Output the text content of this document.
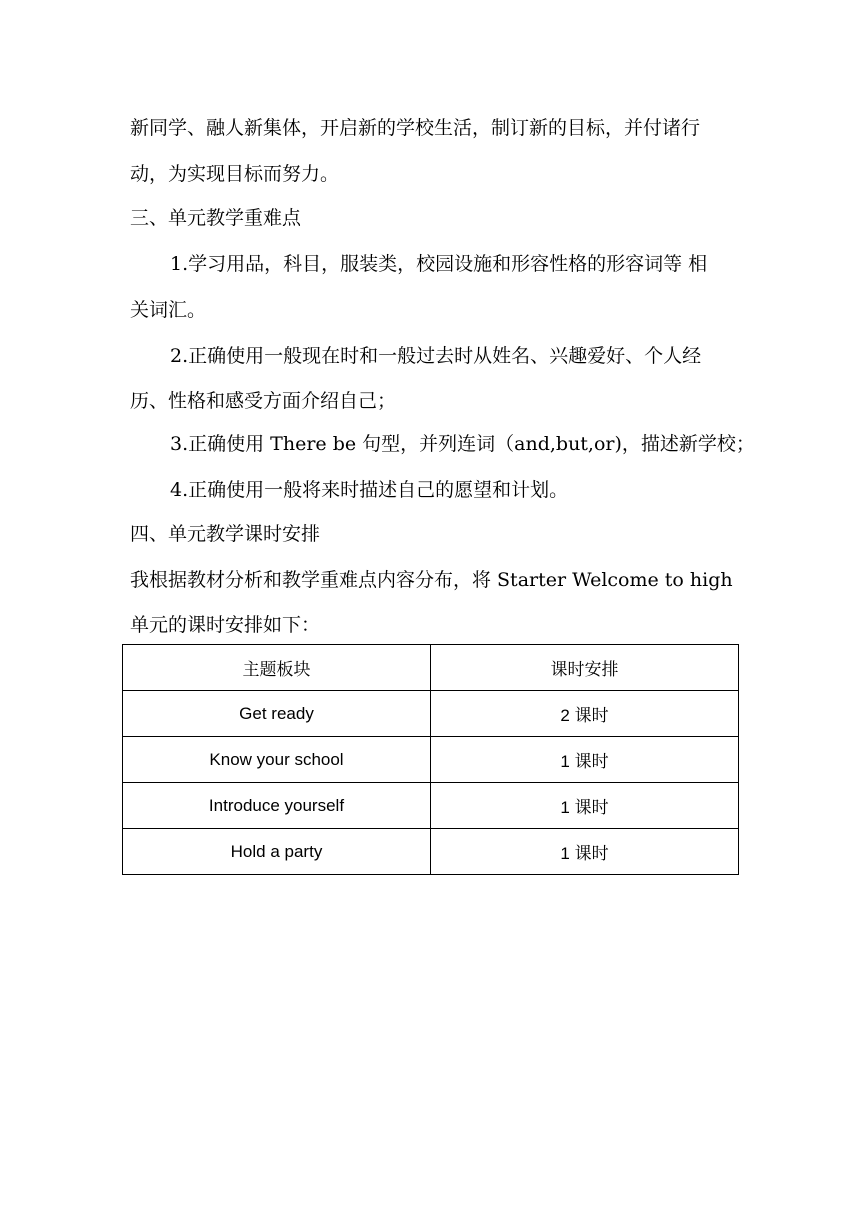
新同学、融人新集体，开启新的学校生活，制订新的目标，并付诸行
动，为实现目标而努力。
三、单元教学重难点
1.学习用品，科目，服装类，校园设施和形容性格的形容词等 相
关词汇。
2.正确使用一般现在时和一般过去时从姓名、兴趣爱好、个人经
历、性格和感受方面介绍自己；
3.正确使用 There be 句型，并列连词（and,but,or)，描述新学校；
4.正确使用一般将来时描述自己的愿望和计划。
四、单元教学课时安排
我根据教材分析和教学重难点内容分布，将 Starter Welcome to high
单元的课时安排如下：
主题板块	课时安排
Get ready	2 课时
Know your school	1 课时
Introduce yourself	1 课时
Hold a party	1 课时
